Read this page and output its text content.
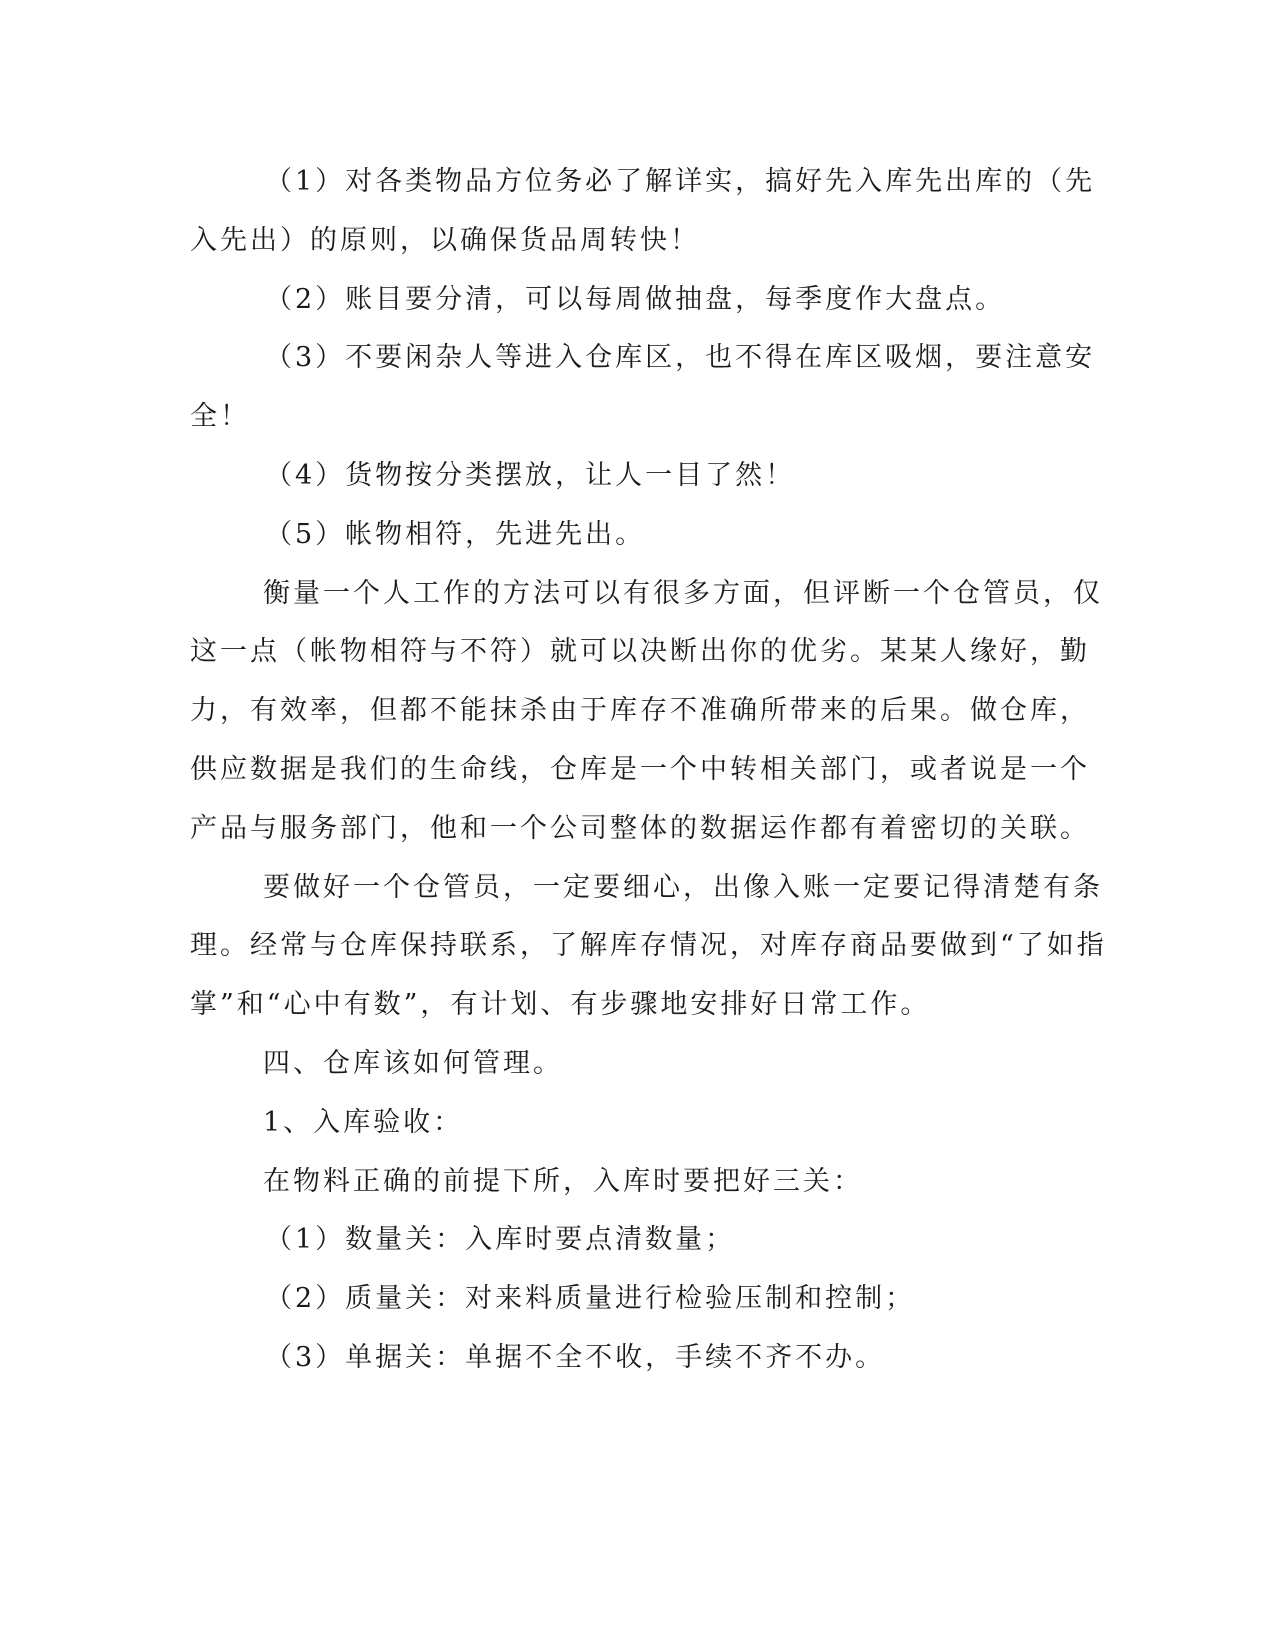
（1）对各类物品方位务必了解详实，搞好先入库先出库的（先
入先出）的原则，以确保货品周转快！
（2）账目要分清，可以每周做抽盘，每季度作大盘点。
（3）不要闲杂人等进入仓库区，也不得在库区吸烟，要注意安
全！
（4）货物按分类摆放，让人一目了然！
（5）帐物相符，先进先出。
衡量一个人工作的方法可以有很多方面，但评断一个仓管员，仅
这一点（帐物相符与不符）就可以决断出你的优劣。某某人缘好，勤
力，有效率，但都不能抹杀由于库存不准确所带来的后果。做仓库，
供应数据是我们的生命线，仓库是一个中转相关部门，或者说是一个
产品与服务部门，他和一个公司整体的数据运作都有着密切的关联。
要做好一个仓管员，一定要细心，出像入账一定要记得清楚有条
理。经常与仓库保持联系，了解库存情况，对库存商品要做到“了如指
掌”和“心中有数”，有计划、有步骤地安排好日常工作。
四、仓库该如何管理。
1、入库验收：
在物料正确的前提下所，入库时要把好三关：
（1）数量关：入库时要点清数量；
（2）质量关：对来料质量进行检验压制和控制；
（3）单据关：单据不全不收，手续不齐不办。
